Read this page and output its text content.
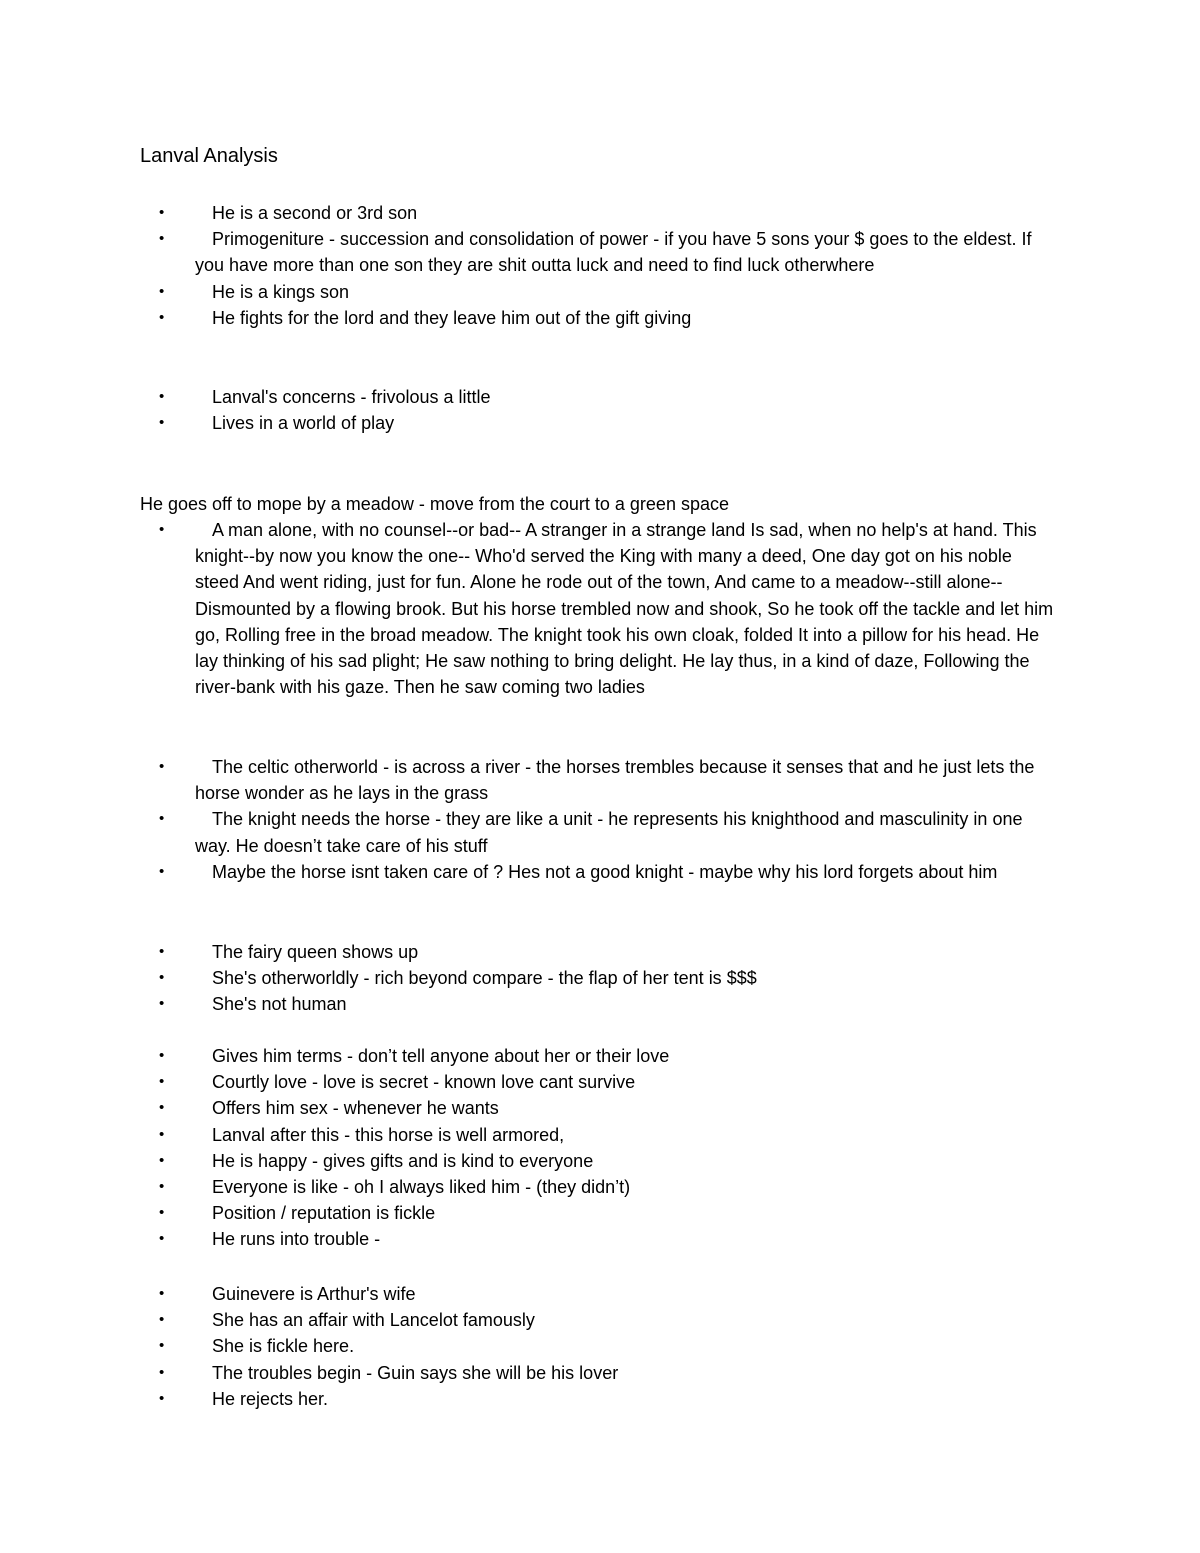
Lanval Analysis
•	He is a second or 3rd son
•	Primogeniture - succession and consolidation of power - if you have 5 sons your $ goes to the eldest. If you have more than one son they are shit outta luck and need to find luck otherwhere
•	He is a kings son
•	He fights for the lord and they leave him out of the gift giving
•	Lanval's concerns - frivolous a little
•	Lives in a world of play
He goes off to mope by a meadow - move from the court to a green space
•	A man alone, with no counsel--or bad-- A stranger in a strange land Is sad, when no help's at hand. This knight--by now you know the one-- Who'd served the King with many a deed, One day got on his noble steed And went riding, just for fun. Alone he rode out of the town, And came to a meadow--still alone-- Dismounted by a flowing brook. But his horse trembled now and shook, So he took off the tackle and let him go, Rolling free in the broad meadow. The knight took his own cloak, folded It into a pillow for his head. He lay thinking of his sad plight; He saw nothing to bring delight. He lay thus, in a kind of daze, Following the river-bank with his gaze. Then he saw coming two ladies
•	The celtic otherworld - is across a river - the horses trembles because it senses that and he just lets the horse wonder as he lays in the grass
•	The knight needs the horse - they are like a unit - he represents his knighthood and masculinity in one way. He doesn’t take care of his stuff
•	Maybe the horse isnt taken care of ? Hes not a good knight - maybe why his lord forgets about him
•	The fairy queen shows up
•	She's otherworldly - rich beyond compare - the flap of her tent is $$$
•	She's not human
•	Gives him terms - don’t tell anyone about her or their love
•	Courtly love - love is secret - known love cant survive
•	Offers him sex - whenever he wants
•	Lanval after this - this horse is well armored,
•	He is happy - gives gifts and is kind to everyone
•	Everyone is like - oh I always liked him - (they didn’t)
•	Position / reputation is fickle
•	He runs into trouble -
•	Guinevere is Arthur's wife
•	She has an affair with Lancelot famously
•	She is fickle here.
•	The troubles begin - Guin says she will be his lover
•	He rejects her.
